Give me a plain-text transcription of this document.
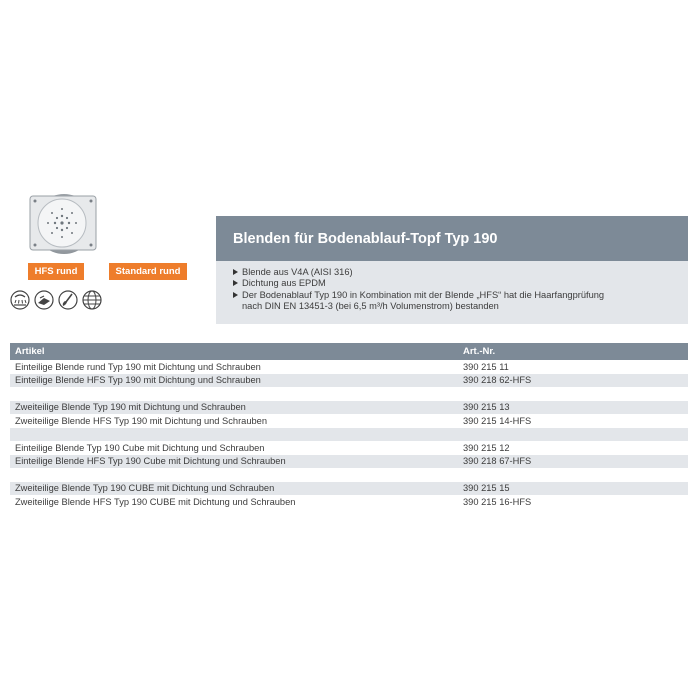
HFS rund	Standard rund
Blenden für Bodenablauf-Topf Typ 190
Blende aus V4A (AISI 316)
Dichtung aus EPDM
Der Bodenablauf Typ 190 in Kombination mit der Blende „HFS“ hat die Haarfangprüfung
nach DIN EN 13451-3 (bei 6,5 m³/h Volumenstrom) bestanden
Artikel	Art.-Nr.
Einteilige Blende rund Typ 190 mit Dichtung und Schrauben	390 215 11
Einteilige Blende HFS Typ 190 mit Dichtung und Schrauben	390 218 62-HFS
Zweiteilige Blende Typ 190 mit Dichtung und Schrauben	390 215 13
Zweiteilige Blende HFS Typ 190 mit Dichtung und Schrauben	390 215 14-HFS
Einteilige Blende Typ 190 Cube mit Dichtung und Schrauben	390 215 12
Einteilige Blende HFS Typ 190 Cube mit Dichtung und Schrauben	390 218 67-HFS
Zweiteilige Blende Typ 190 CUBE mit Dichtung und Schrauben	390 215 15
Zweiteilige Blende HFS Typ 190 CUBE mit Dichtung und Schrauben	390 215 16-HFS
